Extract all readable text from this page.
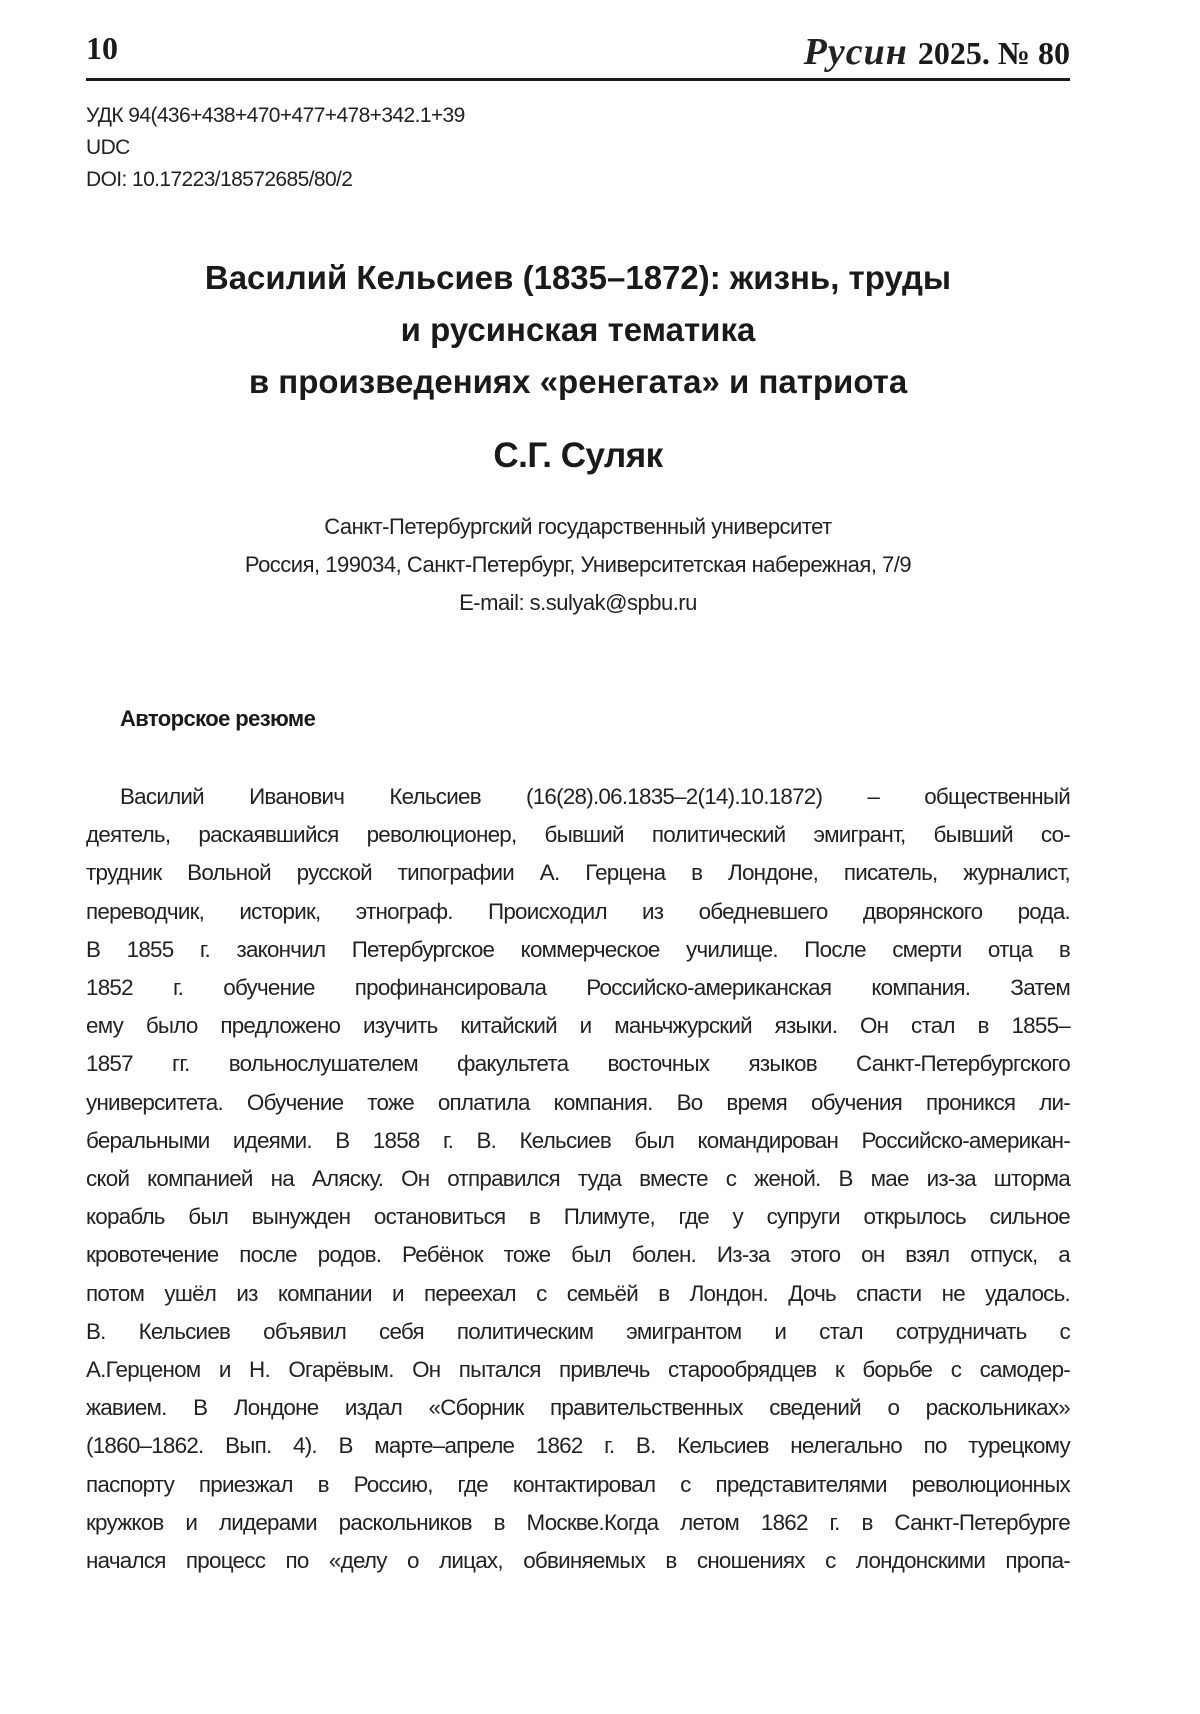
10	Русин 2025. № 80
УДК 94(436+438+470+477+478+342.1+39
UDC
DOI: 10.17223/18572685/80/2
Василий Кельсиев (1835–1872): жизнь, труды
и русинская тематика
в произведениях «ренегата» и патриота
С.Г. Суляк
Санкт-Петербургский государственный университет
Россия, 199034, Санкт-Петербург, Университетская набережная, 7/9
E-mail: s.sulyak@spbu.ru
Авторское резюме
Василий Иванович Кельсиев (16(28).06.1835–2(14).10.1872) – общественный
деятель, раскаявшийся революционер, бывший политический эмигрант, бывший со-
трудник Вольной русской типографии А. Герцена в Лондоне, писатель, журналист,
переводчик, историк, этнограф. Происходил из обедневшего дворянского рода.
В 1855 г. закончил Петербургское коммерческое училище. После смерти отца в
1852 г. обучение профинансировала Российско-американская компания. Затем
ему было предложено изучить китайский и маньчжурский языки. Он стал в 1855–
1857 гг. вольнослушателем факультета восточных языков Санкт-Петербургского
университета. Обучение тоже оплатила компания. Во время обучения проникся ли-
беральными идеями. В 1858 г. В. Кельсиев был командирован Российско-американ-
ской компанией на Аляску. Он отправился туда вместе с женой. В мае из-за шторма
корабль был вынужден остановиться в Плимуте, где у супруги открылось сильное
кровотечение после родов. Ребёнок тоже был болен. Из-за этого он взял отпуск, а
потом ушёл из компании и переехал с семьёй в Лондон. Дочь спасти не удалось.
В. Кельсиев объявил себя политическим эмигрантом и стал сотрудничать с
А.Герценом и Н. Огарёвым. Он пытался привлечь старообрядцев к борьбе с самодер-
жавием. В Лондоне издал «Сборник правительственных сведений о раскольниках»
(1860–1862. Вып. 4). В марте–апреле 1862 г. В. Кельсиев нелегально по турецкому
паспорту приезжал в Россию, где контактировал с представителями революционных
кружков и лидерами раскольников в Москве.Когда летом 1862 г. в Санкт-Петербурге
начался процесс по «делу о лицах, обвиняемых в сношениях с лондонскими пропа-
